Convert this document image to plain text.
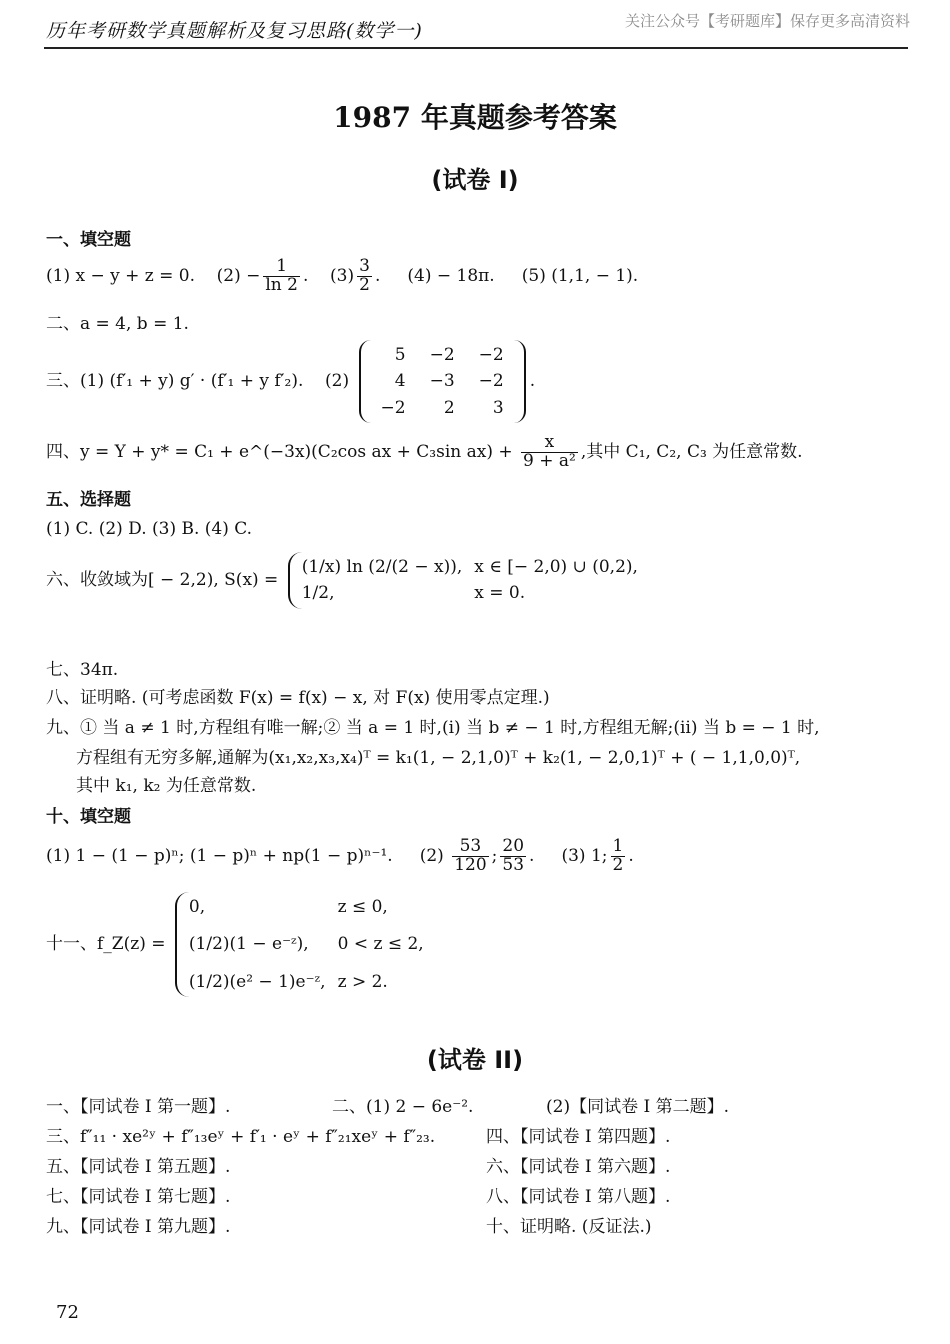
历年考研数学真题解析及复习思路(数学一)	关注公众号【考研题库】保存更多高清资料
1987 年真题参考答案
(试卷 Ⅰ)
一、填空题
(1) x − y + z = 0. $(2) - \frac{1}{\ln 2}$ . $(3) \frac{3}{2}$ . (4) − 18π. (5) (1,1, − 1).
二、a = 4, b = 1.
三、(1) (f′₁ + y) g′ · (f′₁ + y f′₂). (2)
5	−2	−2
4	−3	−2
−2	2	3
.
四、y = Y + y* = C₁ + e^(−3x)(C₂cos ax + C₃sin $ax) + \frac{x}{\text{9 + a²}}$ ,其中 C₁, C₂, C₃ 为任意常数.
五、选择题
(1) C. (2) D. (3) B. (4) C.
六、收敛域为[ − 2,2), S(x) =
(1/x) ln (2/(2 − x)),	x ∈ [− 2,0) ∪ (0,2),
1/2,	x = 0.
七、34π.
八、证明略. (可考虑函数 F(x) = f(x) − x, 对 F(x) 使用零点定理.)
九、① 当 a ≠ 1 时,方程组有唯一解;② 当 a = 1 时,(ⅰ) 当 b ≠ − 1 时,方程组无解;(ⅱ) 当 b = − 1 时,
方程组有无穷多解,通解为(x₁,x₂,x₃,x₄)ᵀ = k₁(1, − 2,1,0)ᵀ + k₂(1, − 2,0,1)ᵀ + ( − 1,1,0,0)ᵀ,
其中 k₁, k₂ 为任意常数.
十、填空题
(1) 1 − (1 − p)ⁿ; (1 − p)ⁿ + np(1 − p)ⁿ⁻¹. $(2) \frac{53}{120}$ ; $\frac{20}{53}$ . (3) 1; $\frac{1}{2}$ .
十一、f_Z(z) =
0,	z ≤ 0,
(1/2)(1 − e⁻ᶻ),	0 < z ≤ 2,
(1/2)(e² − 1)e⁻ᶻ,	z > 2.
(试卷 ⅠⅠ)
一、【同试卷 Ⅰ 第一题】.	二、(1) 2 − 6e⁻².	(2)【同试卷 Ⅰ 第二题】.
三、f″₁₁ · xe²ʸ + f″₁₃eʸ + f′₁ · eʸ + f″₂₁xeʸ + f″₂₃.	四、【同试卷 Ⅰ 第四题】.
五、【同试卷 Ⅰ 第五题】.	六、【同试卷 Ⅰ 第六题】.
七、【同试卷 Ⅰ 第七题】.	八、【同试卷 Ⅰ 第八题】.
九、【同试卷 Ⅰ 第九题】.	十、证明略. (反证法.)
72
